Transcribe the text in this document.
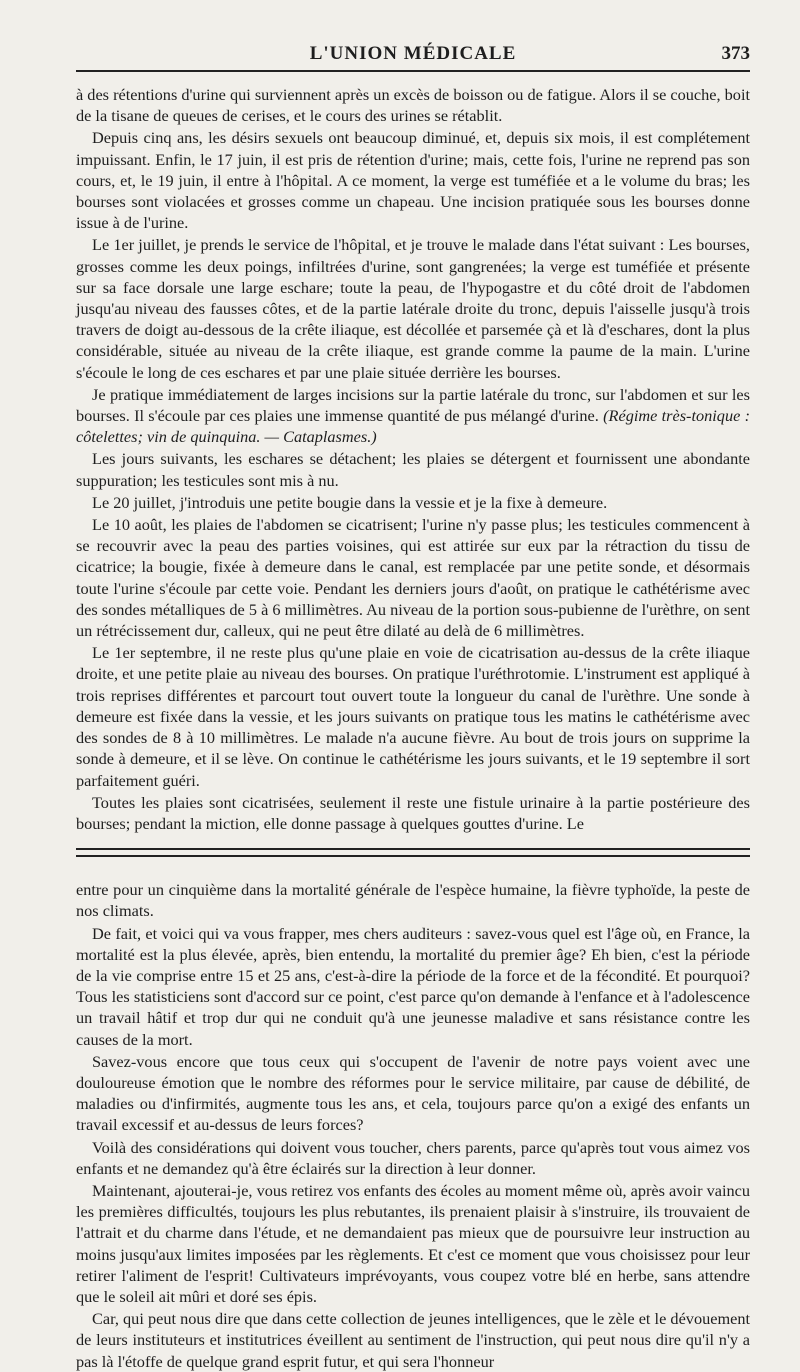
L'UNION MÉDICALE	373

à des rétentions d'urine qui surviennent après un excès de boisson ou de fatigue. Alors il se couche, boit de la tisane de queues de cerises, et le cours des urines se rétablit.

Depuis cinq ans, les désirs sexuels ont beaucoup diminué, et, depuis six mois, il est complétement impuissant. Enfin, le 17 juin, il est pris de rétention d'urine; mais, cette fois, l'urine ne reprend pas son cours, et, le 19 juin, il entre à l'hôpital. A ce moment, la verge est tuméfiée et a le volume du bras; les bourses sont violacées et grosses comme un chapeau. Une incision pratiquée sous les bourses donne issue à de l'urine.

Le 1er juillet, je prends le service de l'hôpital, et je trouve le malade dans l'état suivant : Les bourses, grosses comme les deux poings, infiltrées d'urine, sont gangrenées; la verge est tuméfiée et présente sur sa face dorsale une large eschare; toute la peau, de l'hypogastre et du côté droit de l'abdomen jusqu'au niveau des fausses côtes, et de la partie latérale droite du tronc, depuis l'aisselle jusqu'à trois travers de doigt au-dessous de la crête iliaque, est décollée et parsemée çà et là d'eschares, dont la plus considérable, située au niveau de la crête iliaque, est grande comme la paume de la main. L'urine s'écoule le long de ces eschares et par une plaie située derrière les bourses.

Je pratique immédiatement de larges incisions sur la partie latérale du tronc, sur l'abdomen et sur les bourses. Il s'écoule par ces plaies une immense quantité de pus mélangé d'urine. (Régime très-tonique : côtelettes; vin de quinquina. — Cataplasmes.)

Les jours suivants, les eschares se détachent; les plaies se détergent et fournissent une abondante suppuration; les testicules sont mis à nu.

Le 20 juillet, j'introduis une petite bougie dans la vessie et je la fixe à demeure.

Le 10 août, les plaies de l'abdomen se cicatrisent; l'urine n'y passe plus; les testicules commencent à se recouvrir avec la peau des parties voisines, qui est attirée sur eux par la rétraction du tissu de cicatrice; la bougie, fixée à demeure dans le canal, est remplacée par une petite sonde, et désormais toute l'urine s'écoule par cette voie. Pendant les derniers jours d'août, on pratique le cathétérisme avec des sondes métalliques de 5 à 6 millimètres. Au niveau de la portion sous-pubienne de l'urèthre, on sent un rétrécissement dur, calleux, qui ne peut être dilaté au delà de 6 millimètres.

Le 1er septembre, il ne reste plus qu'une plaie en voie de cicatrisation au-dessus de la crête iliaque droite, et une petite plaie au niveau des bourses. On pratique l'uréthrotomie. L'instrument est appliqué à trois reprises différentes et parcourt tout ouvert toute la longueur du canal de l'urèthre. Une sonde à demeure est fixée dans la vessie, et les jours suivants on pratique tous les matins le cathétérisme avec des sondes de 8 à 10 millimètres. Le malade n'a aucune fièvre. Au bout de trois jours on supprime la sonde à demeure, et il se lève. On continue le cathétérisme les jours suivants, et le 19 septembre il sort parfaitement guéri.

Toutes les plaies sont cicatrisées, seulement il reste une fistule urinaire à la partie postérieure des bourses; pendant la miction, elle donne passage à quelques gouttes d'urine. Le

entre pour un cinquième dans la mortalité générale de l'espèce humaine, la fièvre typhoïde, la peste de nos climats.

De fait, et voici qui va vous frapper, mes chers auditeurs : savez-vous quel est l'âge où, en France, la mortalité est la plus élevée, après, bien entendu, la mortalité du premier âge? Eh bien, c'est la période de la vie comprise entre 15 et 25 ans, c'est-à-dire la période de la force et de la fécondité. Et pourquoi? Tous les statisticiens sont d'accord sur ce point, c'est parce qu'on demande à l'enfance et à l'adolescence un travail hâtif et trop dur qui ne conduit qu'à une jeunesse maladive et sans résistance contre les causes de la mort.

Savez-vous encore que tous ceux qui s'occupent de l'avenir de notre pays voient avec une douloureuse émotion que le nombre des réformes pour le service militaire, par cause de débilité, de maladies ou d'infirmités, augmente tous les ans, et cela, toujours parce qu'on a exigé des enfants un travail excessif et au-dessus de leurs forces?

Voilà des considérations qui doivent vous toucher, chers parents, parce qu'après tout vous aimez vos enfants et ne demandez qu'à être éclairés sur la direction à leur donner.

Maintenant, ajouterai-je, vous retirez vos enfants des écoles au moment même où, après avoir vaincu les premières difficultés, toujours les plus rebutantes, ils prenaient plaisir à s'instruire, ils trouvaient de l'attrait et du charme dans l'étude, et ne demandaient pas mieux que de poursuivre leur instruction au moins jusqu'aux limites imposées par les règlements. Et c'est ce moment que vous choisissez pour leur retirer l'aliment de l'esprit! Cultivateurs imprévoyants, vous coupez votre blé en herbe, sans attendre que le soleil ait mûri et doré ses épis.

Car, qui peut nous dire que dans cette collection de jeunes intelligences, que le zèle et le dévouement de leurs instituteurs et institutrices éveillent au sentiment de l'instruction, qui peut nous dire qu'il n'y a pas là l'étoffe de quelque grand esprit futur, et qui sera l'honneur
